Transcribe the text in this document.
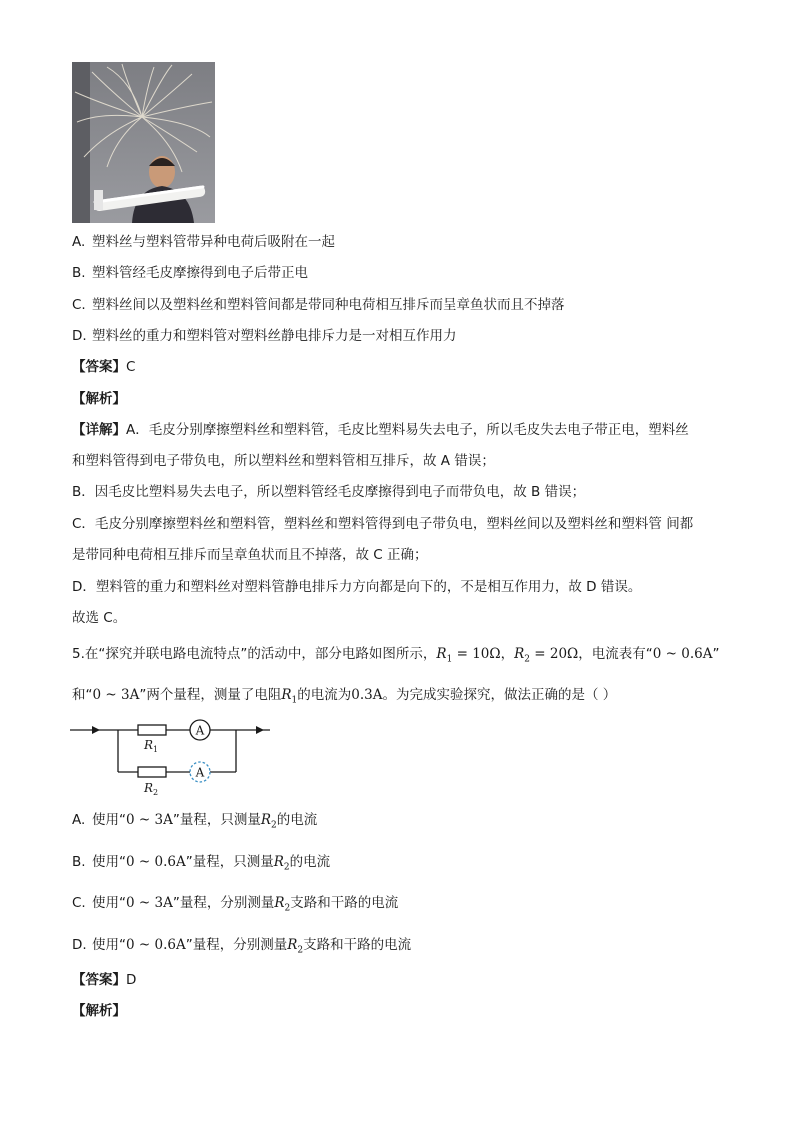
A. 塑料丝与塑料管带异种电荷后吸附在一起
B. 塑料管经毛皮摩擦得到电子后带正电
C. 塑料丝间以及塑料丝和塑料管间都是带同种电荷相互排斥而呈章鱼状而且不掉落
D. 塑料丝的重力和塑料管对塑料丝静电排斥力是一对相互作用力
【答案】C
【解析】
【详解】A．毛皮分别摩擦塑料丝和塑料管，毛皮比塑料易失去电子，所以毛皮失去电子带正电，塑料丝
和塑料管得到电子带负电，所以塑料丝和塑料管相互排斥，故 A 错误；
B．因毛皮比塑料易失去电子，所以塑料管经毛皮摩擦得到电子而带负电，故 B 错误；
C．毛皮分别摩擦塑料丝和塑料管，塑料丝和塑料管得到电子带负电，塑料丝间以及塑料丝和塑料管 间都
是带同种电荷相互排斥而呈章鱼状而且不掉落，故 C 正确；
D．塑料管的重力和塑料丝对塑料管静电排斥力方向都是向下的，不是相互作用力，故 D 错误。
故选 C。
5.在“探究并联电路电流特点”的活动中，部分电路如图所示，$R_1 = 10\Omega$，$R_2 = 20\Omega$，电流表有“0 ~ 0.6A”
和“0 ~ 3A”两个量程，测量了电阻$R_1$的电流为0.3A。为完成实验探究，做法正确的是（ ）
A
A
$R_1$
$R_2$
A. 使用“0 ~ 3A”量程，只测量$R_2$的电流
B. 使用“0 ~ 0.6A”量程，只测量$R_2$的电流
C. 使用“0 ~ 3A”量程，分别测量$R_2$支路和干路的电流
D. 使用“0 ~ 0.6A”量程，分别测量$R_2$支路和干路的电流
【答案】D
【解析】
